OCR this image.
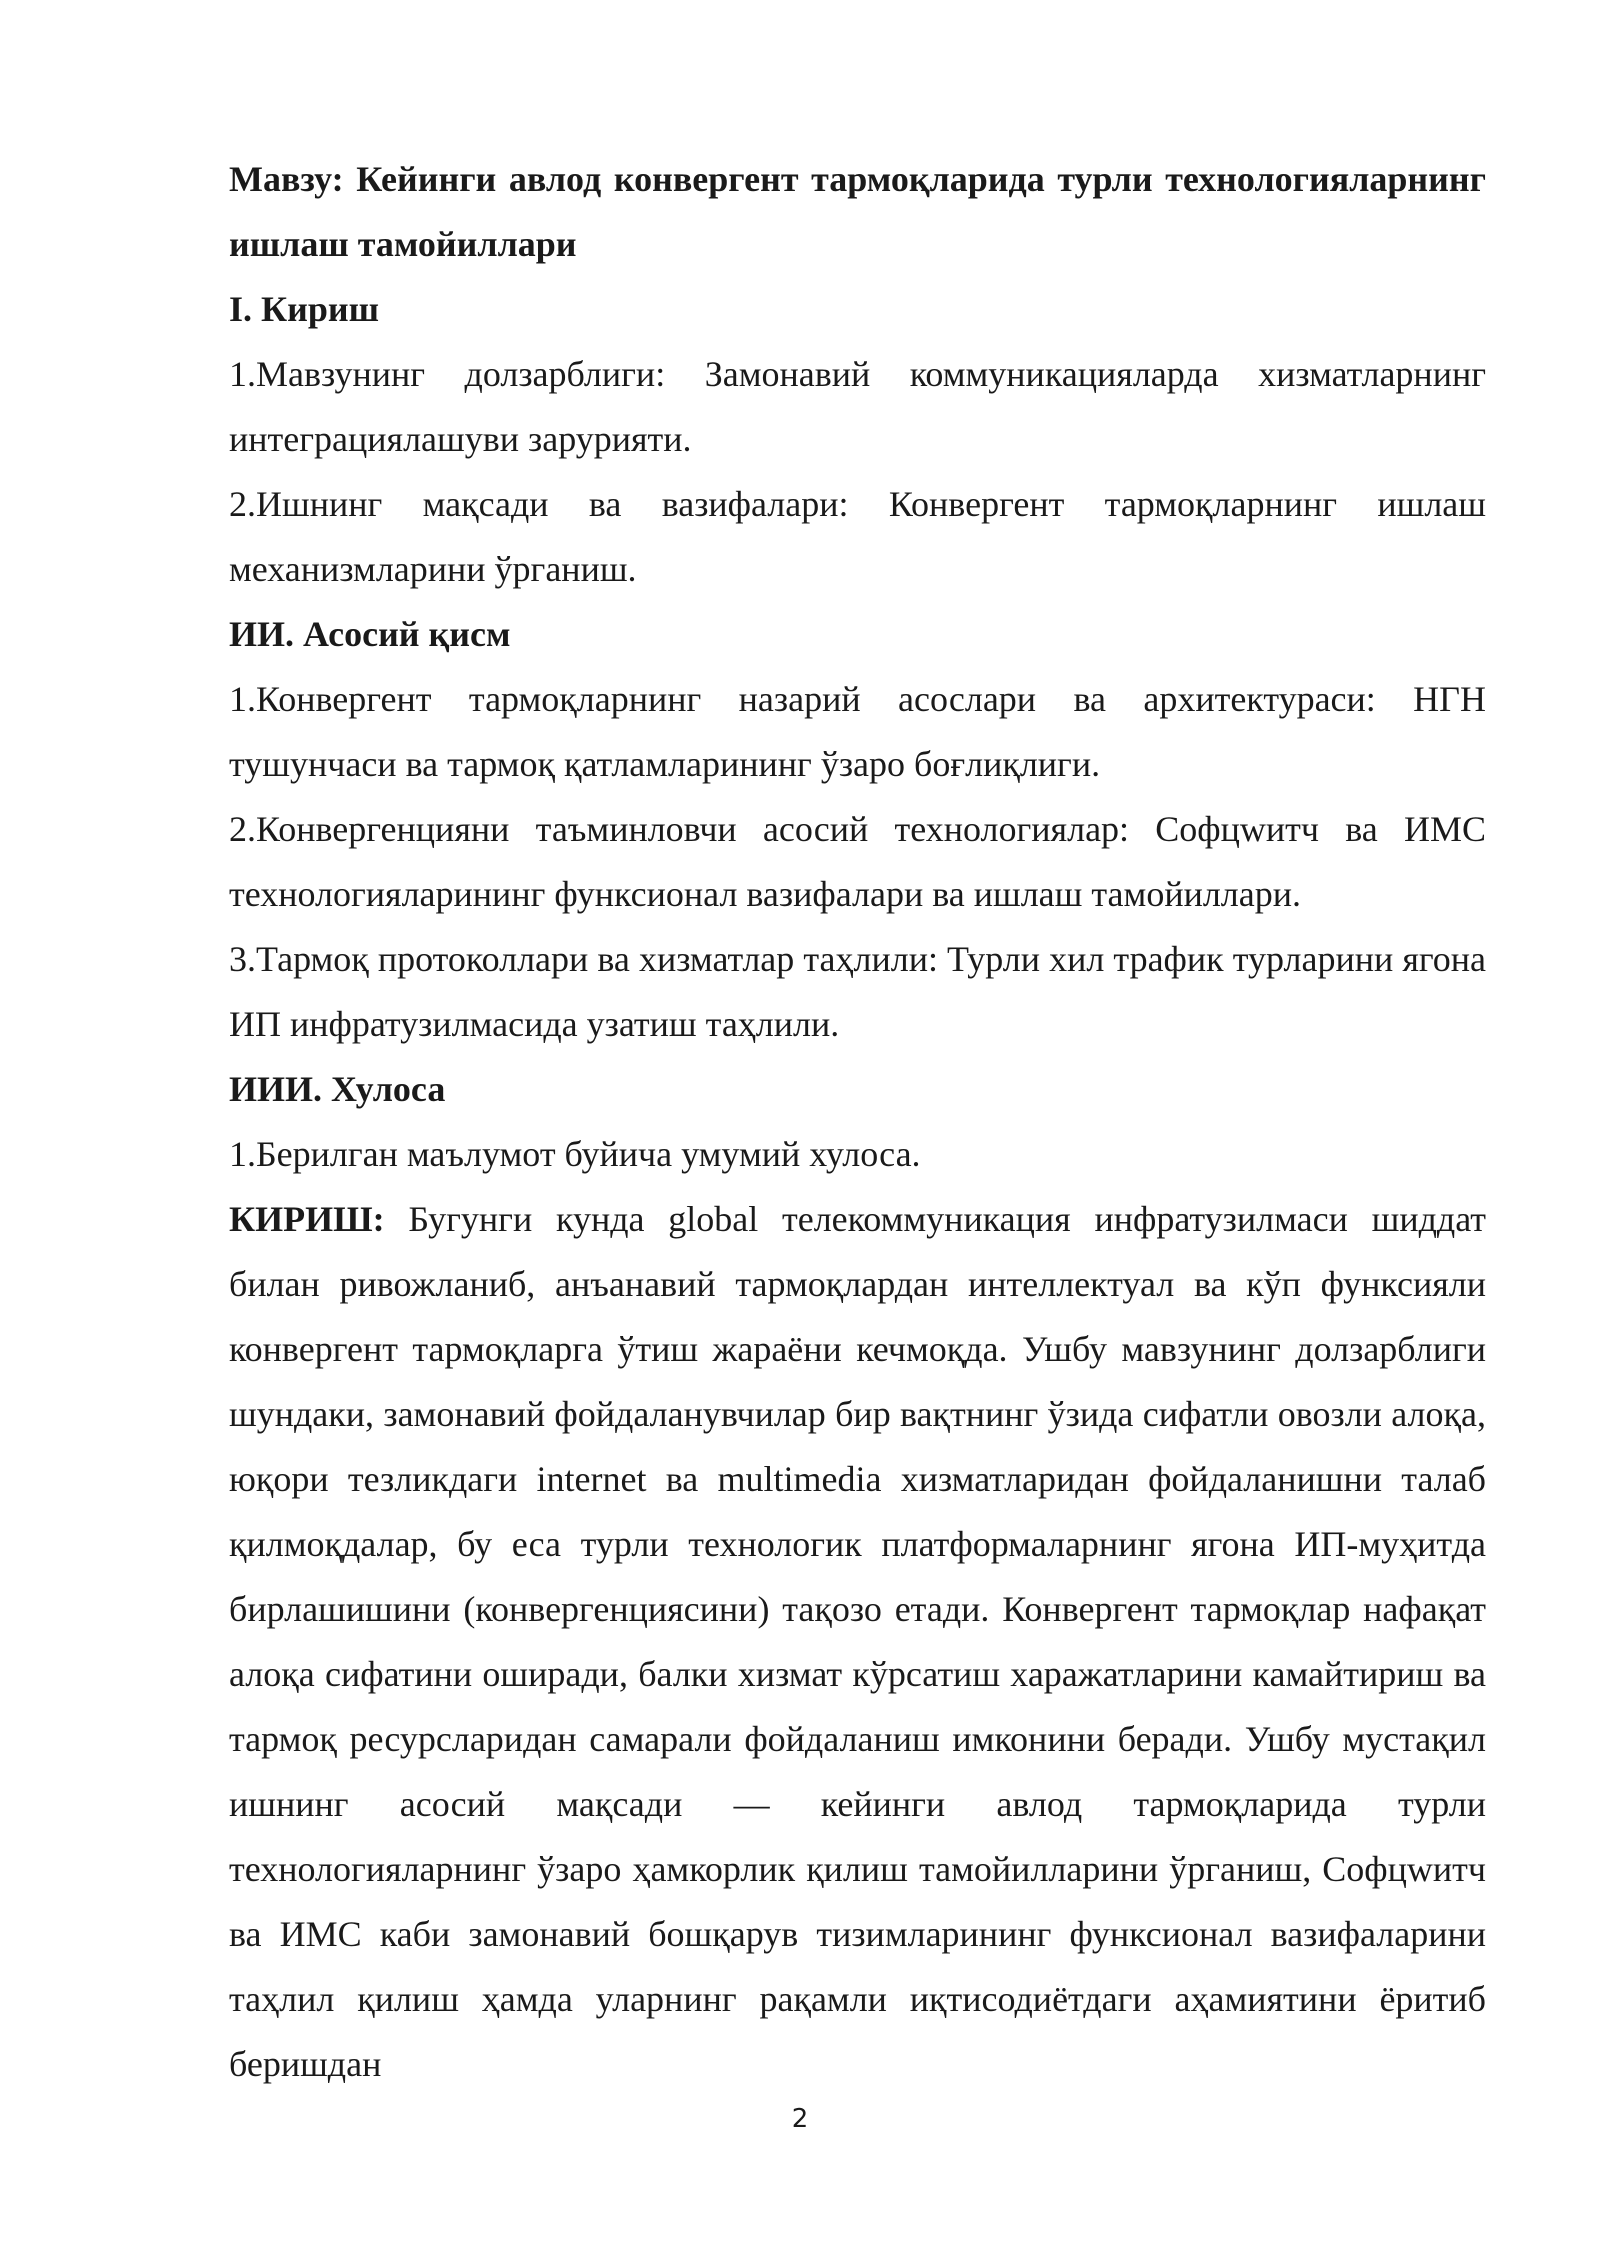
Мавзу: Кейинги авлод конвергент тармоқларида турли технологияларнинг ишлаш тамойиллари

I. Кириш

1.Мавзунинг долзарблиги: Замонавий коммуникацияларда хизматларнинг интеграциялашуви зарурияти.

2.Ишнинг мақсади ва вазифалари: Конвергент тармоқларнинг ишлаш механизмларини ўрганиш.

ИИ. Асосий қисм

1.Конвергент тармоқларнинг назарий асослари ва архитектураси: НГН тушунчаси ва тармоқ қатламларининг ўзаро боғлиқлиги.

2.Конвергенцияни таъминловчи асосий технологиялар: Софцwитч ва ИМС технологияларининг функсионал вазифалари ва ишлаш тамойиллари.

3.Тармоқ протоколлари ва хизматлар таҳлили: Турли хил трафик турларини ягона ИП инфратузилмасида узатиш таҳлили.

ИИИ. Хулоса

1.Берилган маълумот буйича умумий хулоса.

КИРИШ: Бугунги кунда global телекоммуникация инфратузилмаси шиддат билан ривожланиб, анъанавий тармоқлардан интеллектуал ва кўп функсияли конвергент тармоқларга ўтиш жараёни кечмоқда. Ушбу мавзунинг долзарблиги шундаки, замонавий фойдаланувчилар бир вақтнинг ўзида сифатли овозли алоқа, юқори тезликдаги internet ва multimedia хизматларидан фойдаланишни талаб қилмоқдалар, бу еса турли технологик платформаларнинг ягона ИП-муҳитда бирлашишини (конвергенциясини) тақозо етади. Конвергент тармоқлар нафақат алоқа сифатини оширади, балки хизмат кўрсатиш харажатларини камайтириш ва тармоқ ресурсларидан самарали фойдаланиш имконини беради. Ушбу мустақил ишнинг асосий мақсади — кейинги авлод тармоқларида турли технологияларнинг ўзаро ҳамкорлик қилиш тамойилларини ўрганиш, Софцwитч ва ИМС каби замонавий бошқарув тизимларининг функсионал вазифаларини таҳлил қилиш ҳамда уларнинг рақамли иқтисодиётдаги аҳамиятини ёритиб беришдан

2
